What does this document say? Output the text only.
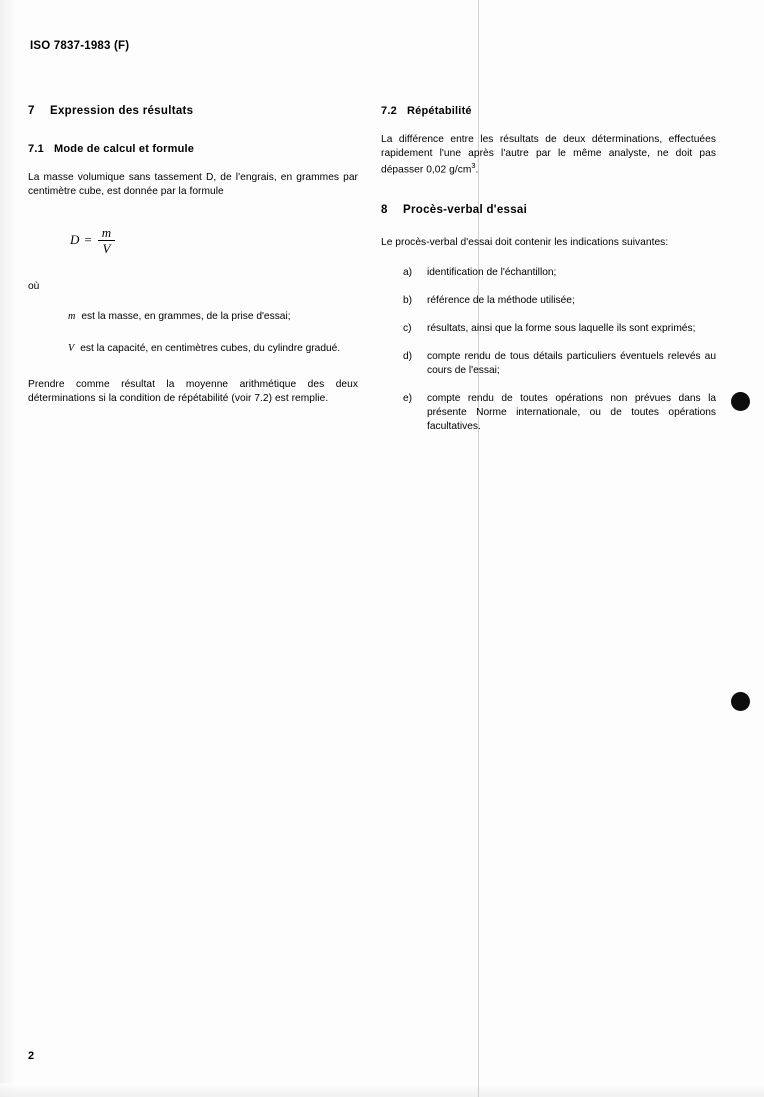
ISO 7837-1983 (F)
7 Expression des résultats
7.1 Mode de calcul et formule

La masse volumique sans tassement D, de l'engrais, en grammes par centimètre cube, est donnée par la formule

$D = \frac{m}{V}$
où
m est la masse, en grammes, de la prise d'essai;
V est la capacité, en centimètres cubes, du cylindre gradué.

Prendre comme résultat la moyenne arithmétique des deux déterminations si la condition de répétabilité (voir 7.2) est remplie.

7.2 Répétabilité

La différence entre les résultats de deux déterminations, effectuées rapidement l'une après l'autre par le même analyste, ne doit pas dépasser 0,02 $g/cm^3$.

8 Procès-verbal d'essai

Le procès-verbal d'essai doit contenir les indications suivantes:

a) identification de l'échantillon;
b) référence de la méthode utilisée;
c) résultats, ainsi que la forme sous laquelle ils sont exprimés;
d) compte rendu de tous détails particuliers éventuels relevés au cours de l'essai;
e) compte rendu de toutes opérations non prévues dans la présente Norme internationale, ou de toutes opérations facultatives.
2
